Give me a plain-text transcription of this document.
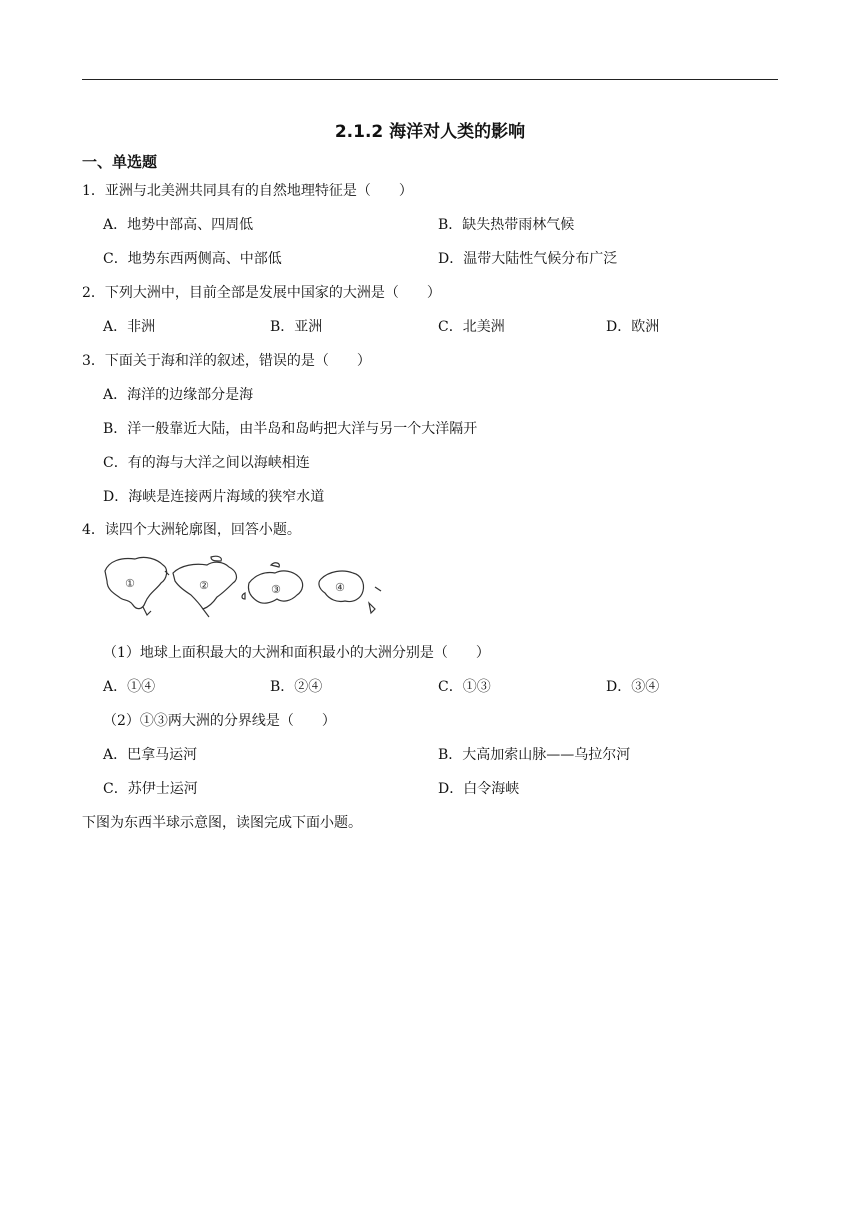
2.1.2 海洋对人类的影响
一、单选题
1．亚洲与北美洲共同具有的自然地理特征是（　　）
A．地势中部高、四周低	B．缺失热带雨林气候
C．地势东西两侧高、中部低	D．温带大陆性气候分布广泛
2．下列大洲中，目前全部是发展中国家的大洲是（　　）
A．非洲	B．亚洲	C．北美洲	D．欧洲
3．下面关于海和洋的叙述，错误的是（　　）
A．海洋的边缘部分是海
B．洋一般靠近大陆，由半岛和岛屿把大洋与另一个大洋隔开
C．有的海与大洋之间以海峡相连
D．海峡是连接两片海域的狭窄水道
4．读四个大洲轮廓图，回答小题。
①	②	③	④
（1）地球上面积最大的大洲和面积最小的大洲分别是（　　）
A．①④	B．②④	C．①③	D．③④
（2）①③两大洲的分界线是（　　）
A．巴拿马运河	B．大高加索山脉——乌拉尔河
C．苏伊士运河	D．白令海峡
下图为东西半球示意图，读图完成下面小题。
